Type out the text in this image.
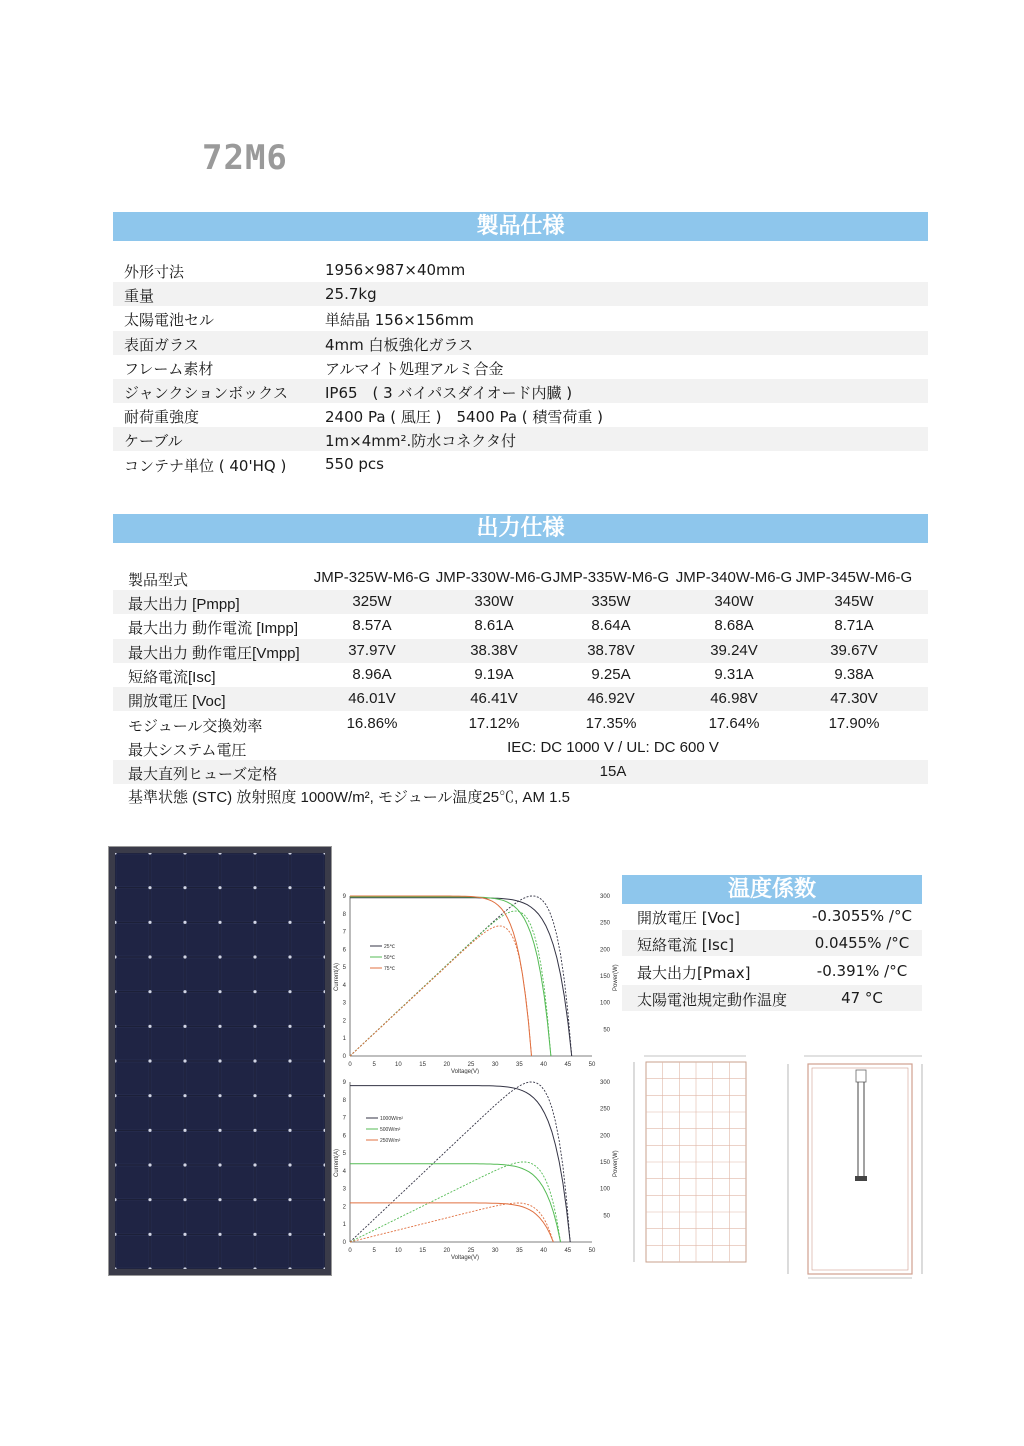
72M6
製品仕様
外形寸法	1956×987×40mm
重量	25.7kg
太陽電池セル	単結晶 156×156mm
表面ガラス	4mm 白板強化ガラス
フレーム素材	アルマイト処理アルミ合金
ジャンクションボックス IP65　( 3 バイパスダイオード内臓 )
耐荷重強度	2400 Pa ( 風圧 )　5400 Pa ( 積雪荷重 )
ケーブル	1m×4mm².防水コネクタ付
コンテナ単位 ( 40'HQ )	550 pcs
出力仕様
製品型式	JMP-325W-M6-G JMP-330W-M6-G JMP-335W-M6-G JMP-340W-M6-G JMP-345W-M6-G
最大出力 [Pmpp]	325W	330W	335W	340W	345W
最大出力 動作電流 [Impp]	8.57A	8.61A	8.64A	8.68A	8.71A
最大出力 動作電圧[Vmpp]	37.97V	38.38V	38.78V	39.24V	39.67V
短絡電流[Isc]	8.96A	9.19A	9.25A	9.31A	9.38A
開放電圧 [Voc]	46.01V	46.41V	46.92V	46.98V	47.30V
モジュール交換効率	16.86%	17.12%	17.35%	17.64%	17.90%
最大システム電圧	IEC: DC 1000 V / UL: DC 600 V
最大直列ヒューズ定格	15A
基準状態 (STC) 放射照度 1000W/m², モジュール温度25℃, AM 1.5
0	5	10	15	20	25	30	35	40	45	50
0
1
2
3
4
5
6
7
8
9
50
100
150
200
250
300
Voltage(V)
Current(A)	Power(W)
25℃
50℃
75℃
0	5	10	15	20	25	30	35	40	45	50
0
1
2
3
4
5
6
7
8
9
50
100
150
200
250
300
Voltage(V)
Current(A)	Power(W)
1000W/m²
500W/m²
250W/m²
温度係数
開放電圧 [Voc]	-0.3055% /°C
短絡電流 [Isc]	0.0455% /°C
最大出力[Pmax]	-0.391% /°C
太陽電池規定動作温度	47 °C
